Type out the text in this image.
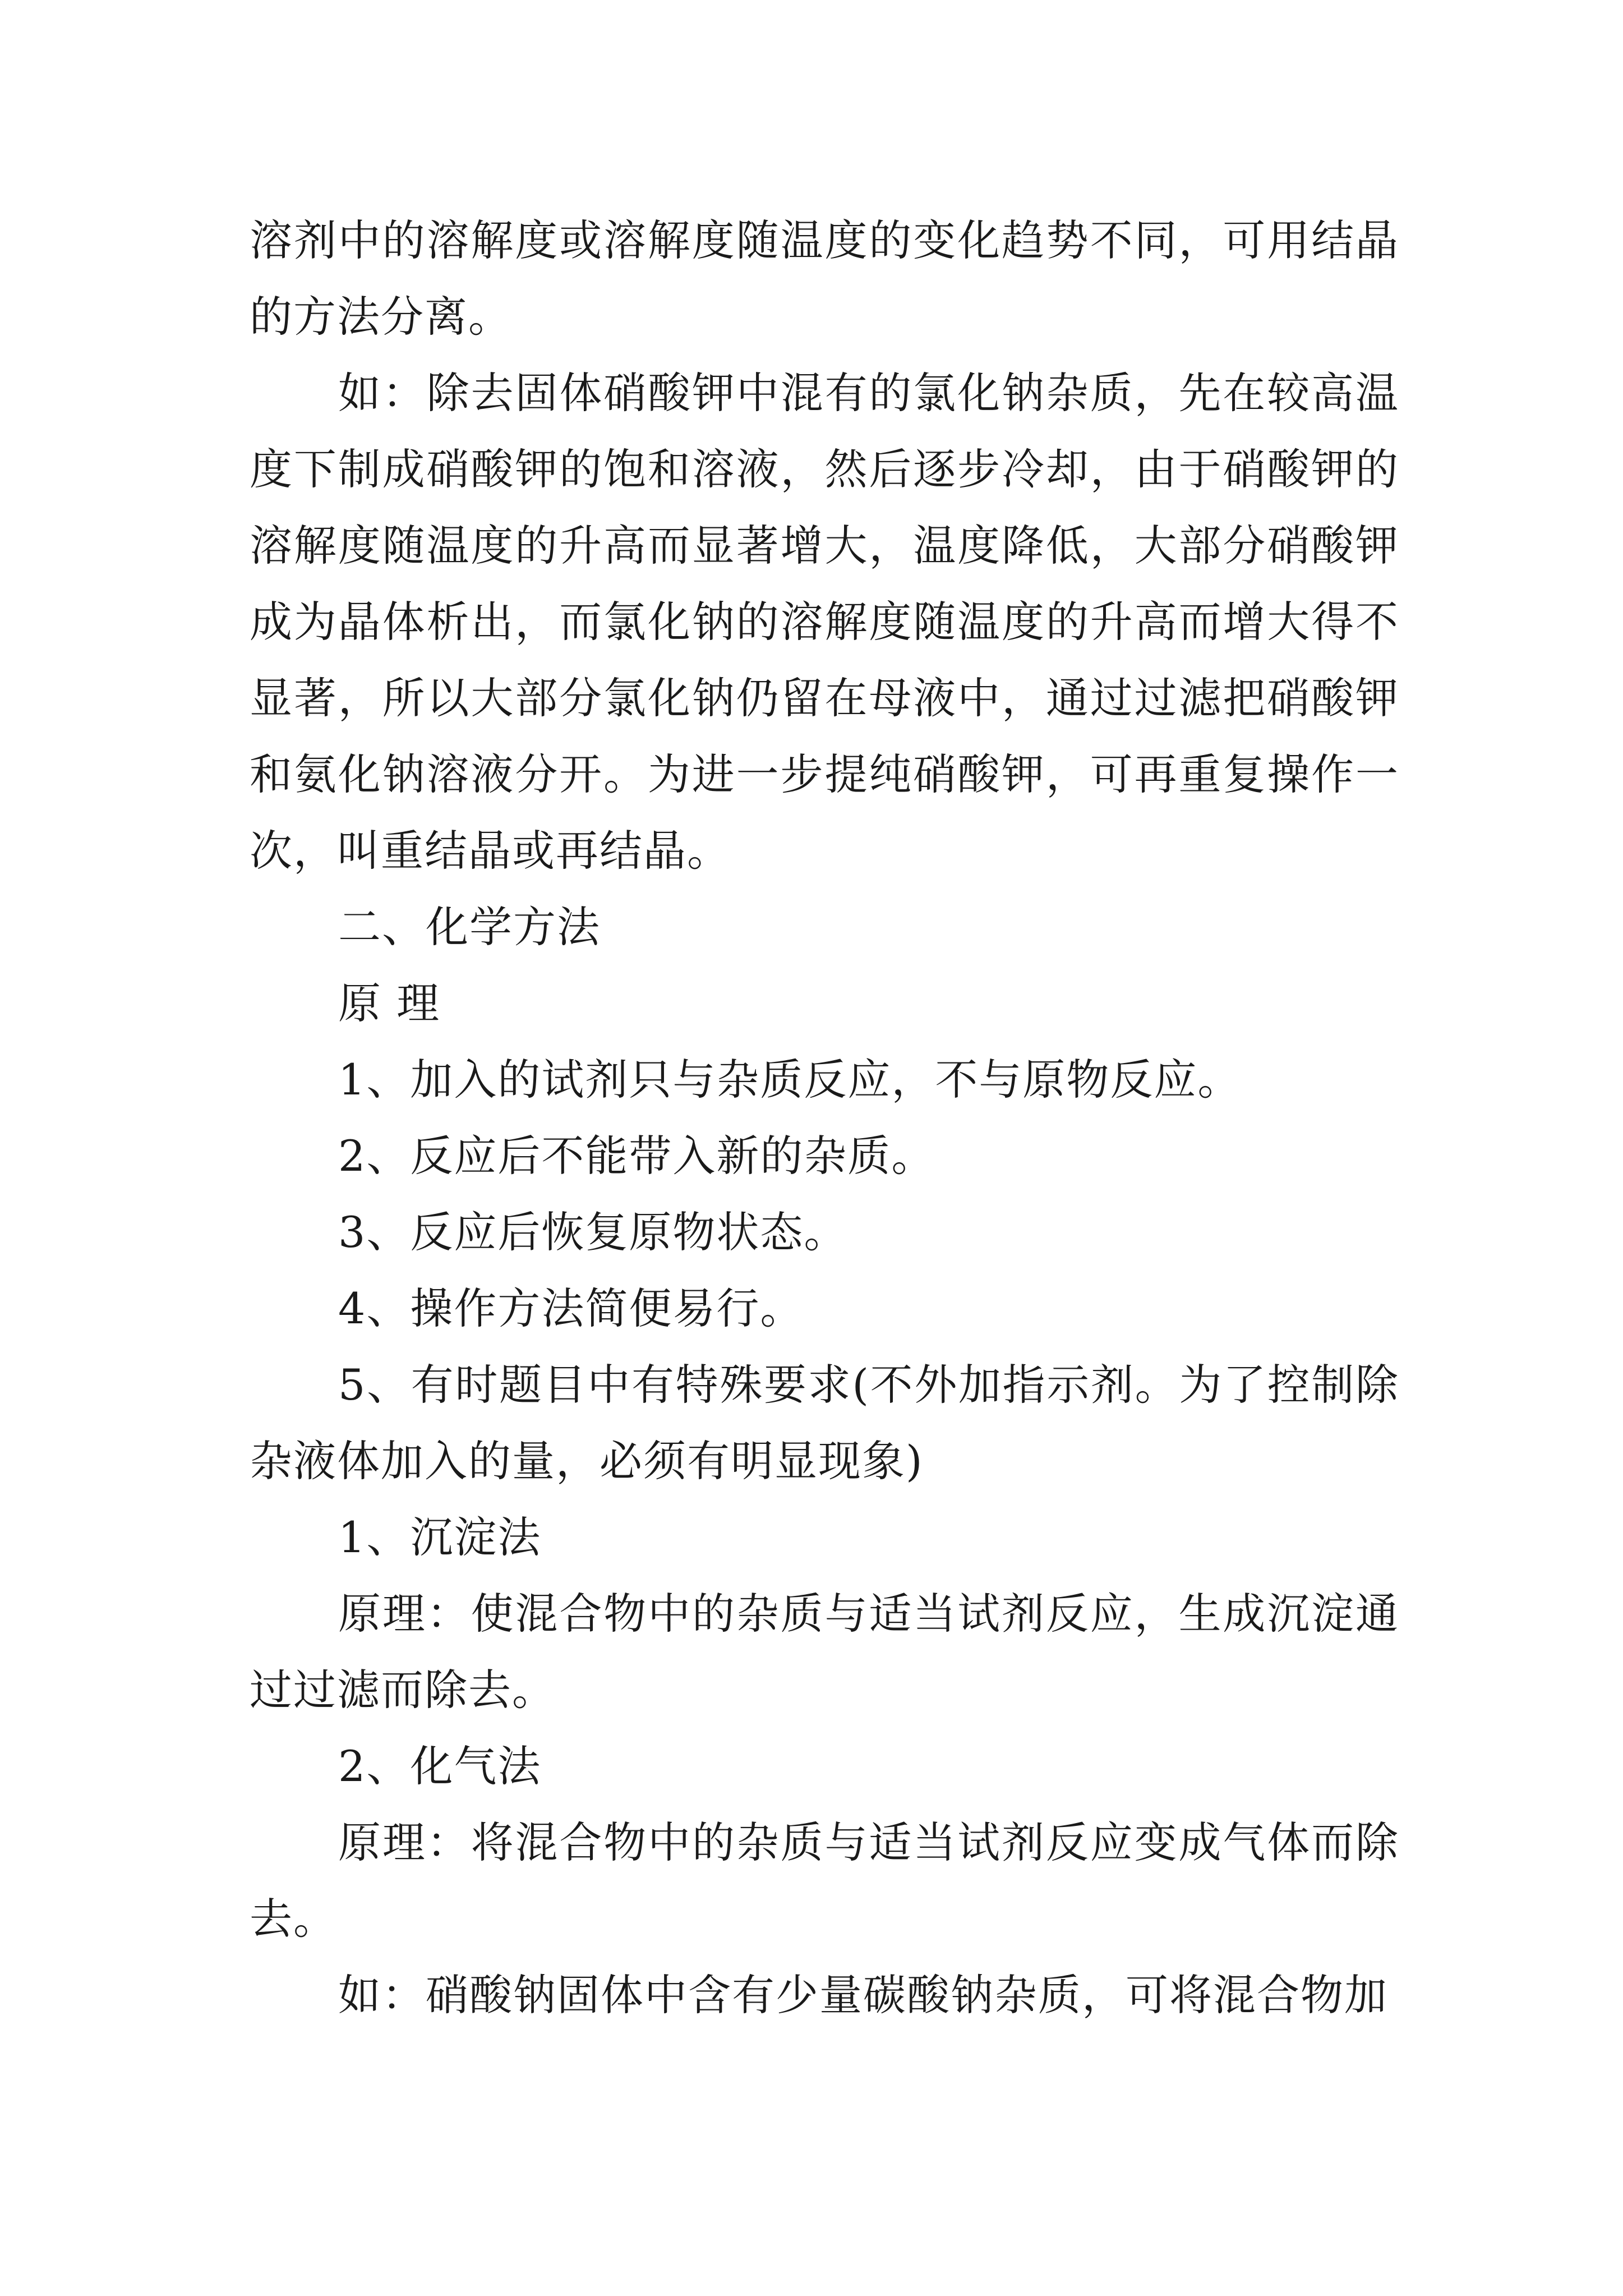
溶剂中的溶解度或溶解度随温度的变化趋势不同，可用结晶的方法分离。

如：除去固体硝酸钾中混有的氯化钠杂质，先在较高温度下制成硝酸钾的饱和溶液，然后逐步冷却，由于硝酸钾的溶解度随温度的升高而显著增大，温度降低，大部分硝酸钾成为晶体析出，而氯化钠的溶解度随温度的升高而增大得不显著，所以大部分氯化钠仍留在母液中，通过过滤把硝酸钾和氨化钠溶液分开。为进一步提纯硝酸钾，可再重复操作一次，叫重结晶或再结晶。

二、化学方法

原 理

1、加入的试剂只与杂质反应，不与原物反应。

2、反应后不能带入新的杂质。

3、反应后恢复原物状态。

4、操作方法简便易行。

5、有时题目中有特殊要求(不外加指示剂。为了控制除杂液体加入的量，必须有明显现象)

1、沉淀法

原理：使混合物中的杂质与适当试剂反应，生成沉淀通过过滤而除去。

2、化气法

原理：将混合物中的杂质与适当试剂反应变成气体而除去。

如：硝酸钠固体中含有少量碳酸钠杂质，可将混合物加
